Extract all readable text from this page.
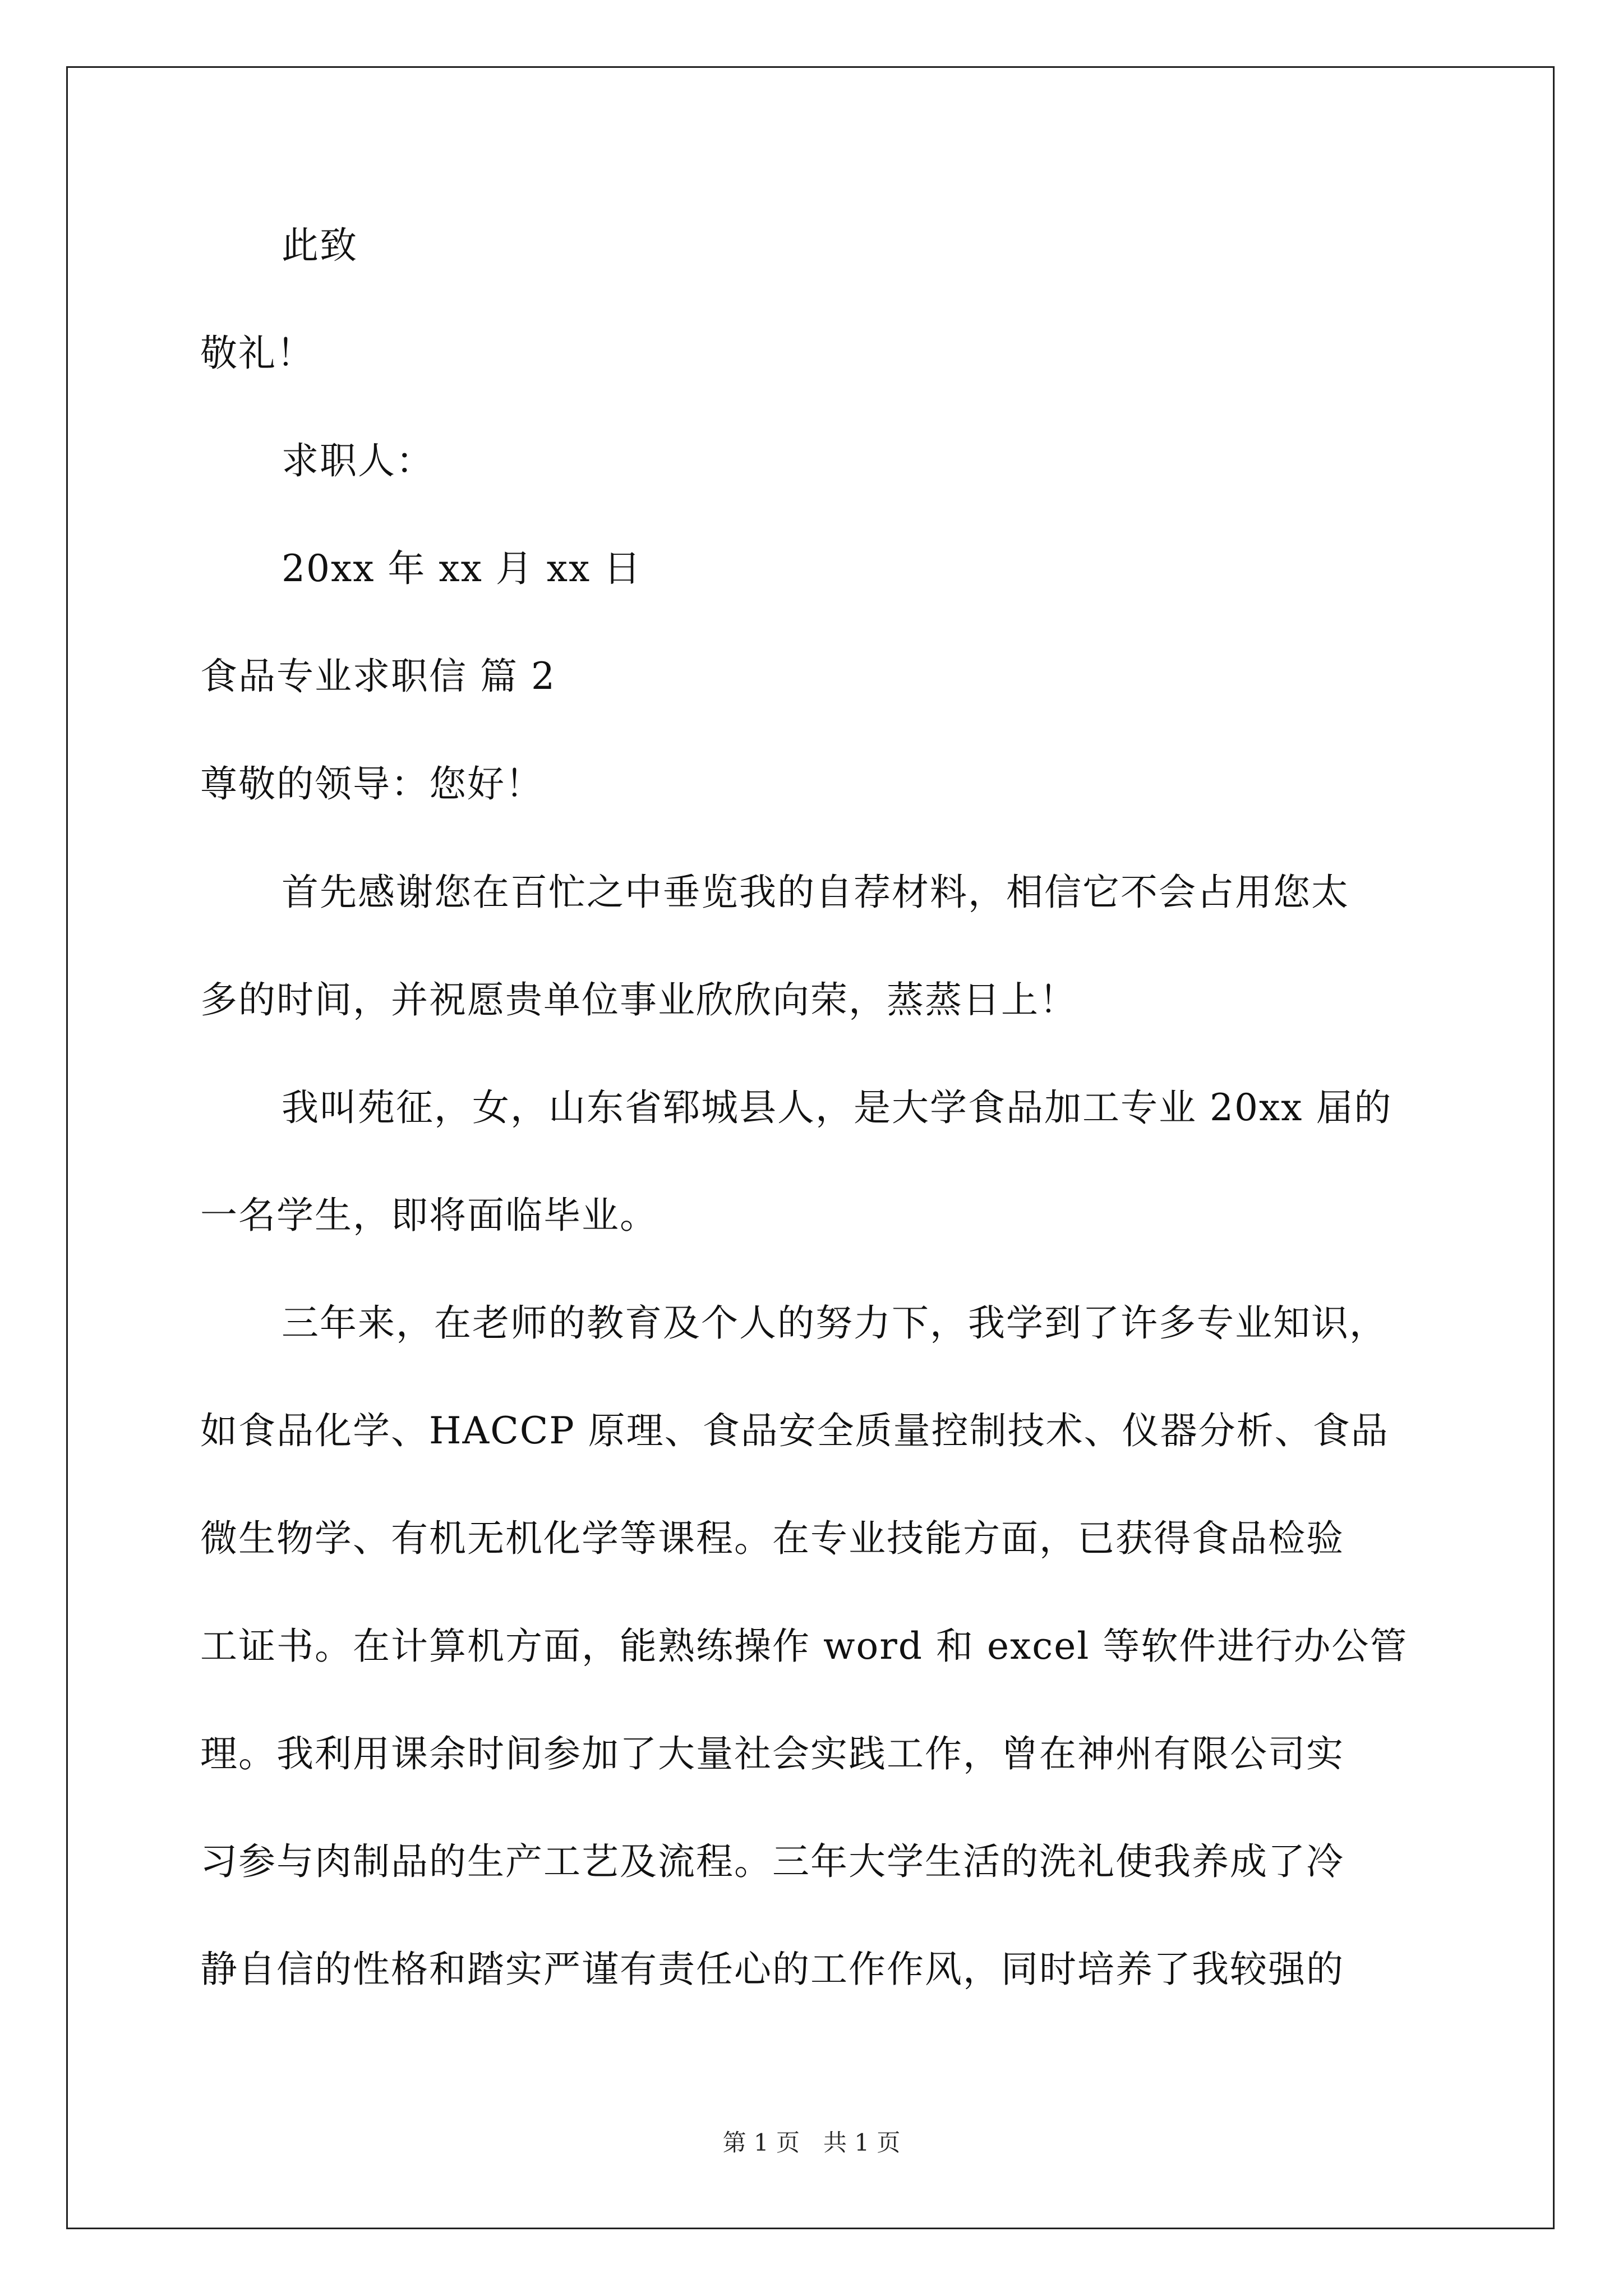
此致
敬礼！
求职人：
20xx 年 xx 月 xx 日
食品专业求职信 篇 2
尊敬的领导：您好！
首先感谢您在百忙之中垂览我的自荐材料，相信它不会占用您太
多的时间，并祝愿贵单位事业欣欣向荣，蒸蒸日上！
我叫苑征，女，山东省郓城县人，是大学食品加工专业 20xx 届的
一名学生，即将面临毕业。
三年来，在老师的教育及个人的努力下，我学到了许多专业知识，
如食品化学、HACCP 原理、食品安全质量控制技术、仪器分析、食品
微生物学、有机无机化学等课程。在专业技能方面，已获得食品检验
工证书。在计算机方面，能熟练操作 word 和 excel 等软件进行办公管
理。我利用课余时间参加了大量社会实践工作，曾在神州有限公司实
习参与肉制品的生产工艺及流程。三年大学生活的洗礼使我养成了冷
静自信的性格和踏实严谨有责任心的工作作风，同时培养了我较强的
第 1 页 共 1 页
